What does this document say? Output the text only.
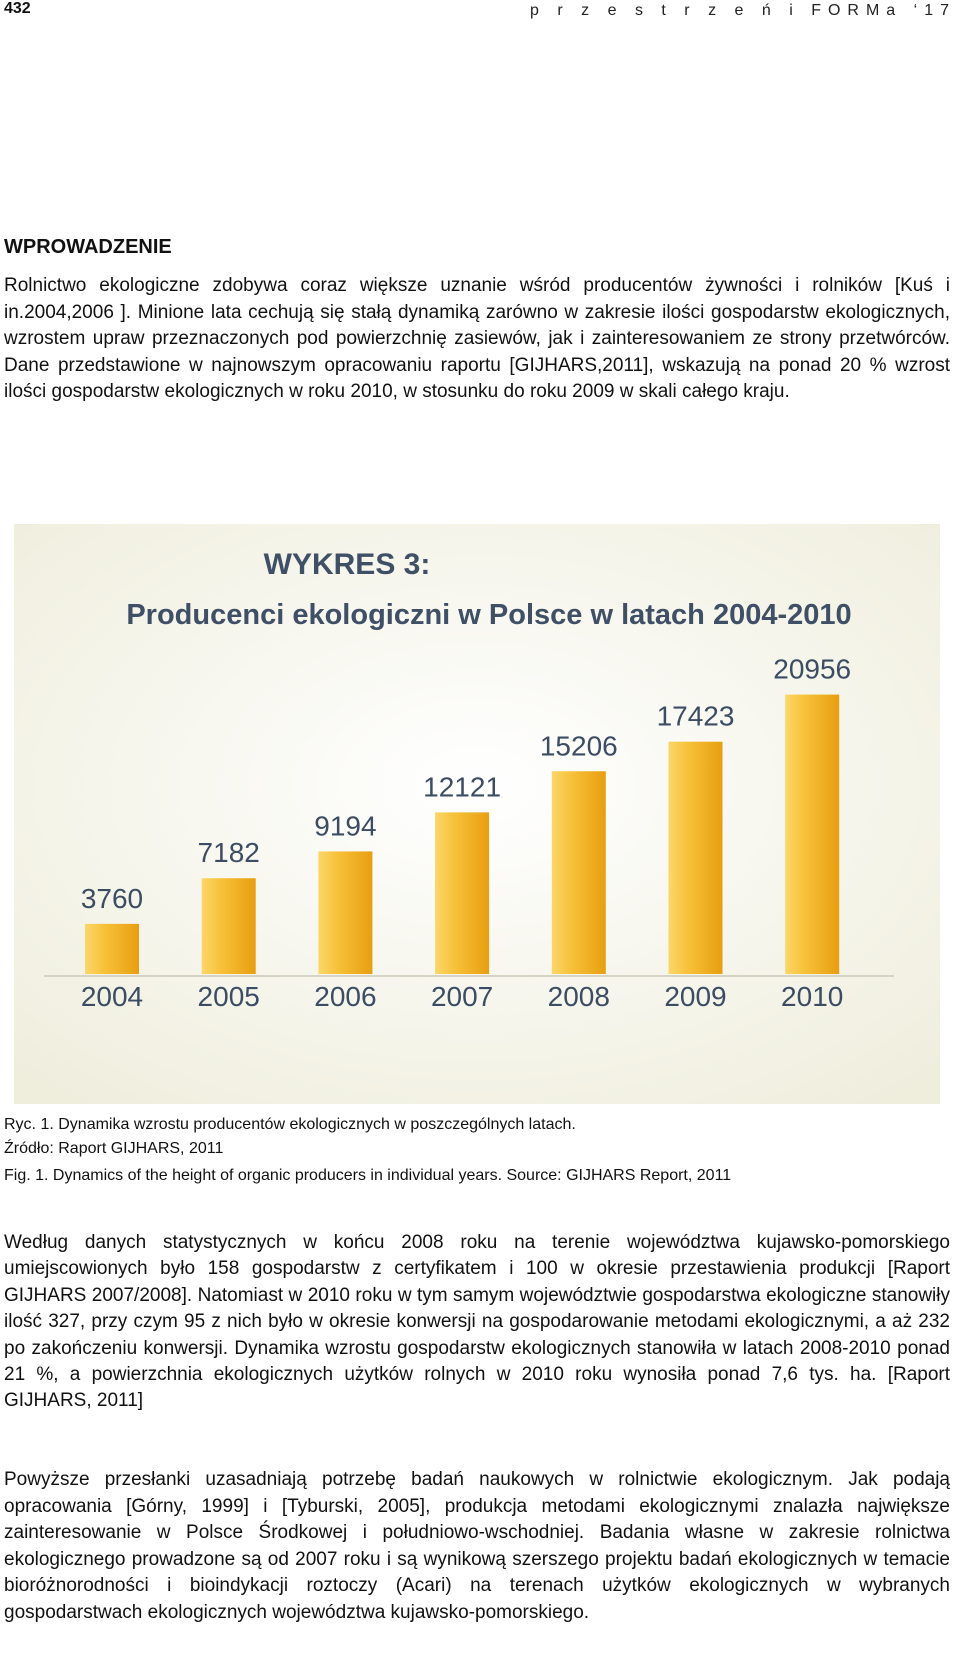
432	p r z e s t r z e ń i FORMa ‘17
WPROWADZENIE

Rolnictwo ekologiczne zdobywa coraz większe uznanie wśród producentów żywności i rolników [Kuś i in.2004,2006 ]. Minione lata cechują się stałą dynamiką zarówno w zakresie ilości gospodarstw ekologicznych, wzrostem upraw przeznaczonych pod powierzchnię zasiewów, jak i zainteresowaniem ze strony przetwórców. Dane przedstawione w najnowszym opracowaniu raportu [GIJHARS,2011], wskazują na ponad 20 % wzrost ilości gospodarstw ekologicznych w roku 2010, w stosunku do roku 2009 w skali całego kraju.

WYKRES 3:
Producenci ekologiczni w Polsce w latach 2004-2010
3760
7182
9194
12121
15206
17423
20956
2004 2005 2006 2007 2008 2009 2010

Ryc. 1. Dynamika wzrostu producentów ekologicznych w poszczególnych latach.

Źródło: Raport GIJHARS, 2011

Fig. 1. Dynamics of the height of organic producers in individual years. Source: GIJHARS Report, 2011

Według danych statystycznych w końcu 2008 roku na terenie województwa kujawsko-pomorskiego umiejscowionych było 158 gospodarstw z certyfikatem i 100 w okresie przestawienia produkcji [Raport GIJHARS 2007/2008]. Natomiast w 2010 roku w tym samym województwie gospodarstwa ekologiczne stanowiły ilość 327, przy czym 95 z nich było w okresie konwersji na gospodarowanie metodami ekologicznymi, a aż 232 po zakończeniu konwersji. Dynamika wzrostu gospodarstw ekologicznych stanowiła w latach 2008-2010 ponad 21 %, a powierzchnia ekologicznych użytków rolnych w 2010 roku wynosiła ponad 7,6 tys. ha. [Raport GIJHARS, 2011]

Powyższe przesłanki uzasadniają potrzebę badań naukowych w rolnictwie ekologicznym. Jak podają opracowania [Górny, 1999] i [Tyburski, 2005], produkcja metodami ekologicznymi znalazła największe zainteresowanie w Polsce Środkowej i południowo-wschodniej. Badania własne w zakresie rolnictwa ekologicznego prowadzone są od 2007 roku i są wynikową szerszego projektu badań ekologicznych w temacie bioróżnorodności i bioindykacji roztoczy (Acari) na terenach użytków ekologicznych w wybranych gospodarstwach ekologicznych województwa kujawsko-pomorskiego.
